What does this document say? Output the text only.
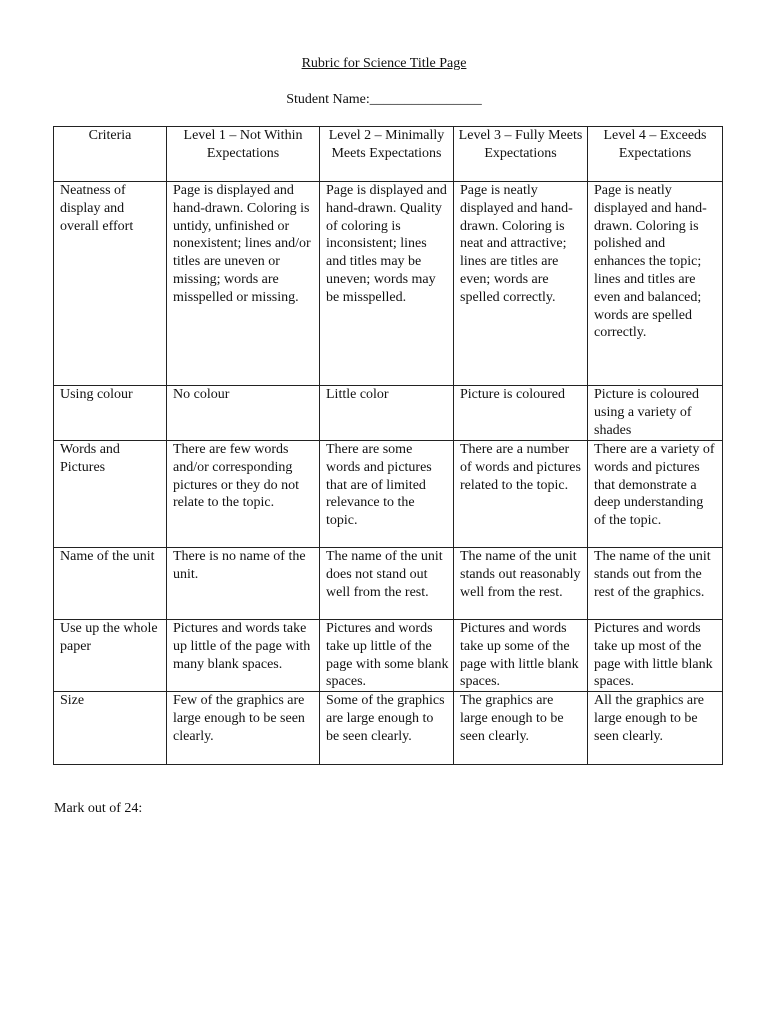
Rubric for Science Title Page
Student Name:________________
Criteria	Level 1 – Not Within Expectations	Level 2 – Minimally Meets Expectations	Level 3 – Fully Meets Expectations	Level 4 – Exceeds Expectations
Neatness of display and overall effort	Page is displayed and hand-drawn. Coloring is untidy, unfinished or nonexistent; lines and/or titles are uneven or missing; words are misspelled or missing.	Page is displayed and hand-drawn. Quality of coloring is inconsistent; lines and titles may be uneven; words may be misspelled.	Page is neatly displayed and hand-drawn. Coloring is neat and attractive; lines are titles are even; words are spelled correctly.	Page is neatly displayed and hand-drawn. Coloring is polished and enhances the topic; lines and titles are even and balanced; words are spelled correctly.
Using colour	No colour	Little color	Picture is coloured	Picture is coloured using a variety of shades
Words and Pictures	There are few words and/or corresponding pictures or they do not relate to the topic.	There are some words and pictures that are of limited relevance to the topic.	There are a number of words and pictures related to the topic.	There are a variety of words and pictures that demonstrate a deep understanding of the topic.
Name of the unit	There is no name of the unit.	The name of the unit does not stand out well from the rest.	The name of the unit stands out reasonably well from the rest.	The name of the unit stands out from the rest of the graphics.
Use up the whole paper	Pictures and words take up little of the page with many blank spaces.	Pictures and words take up little of the page with some blank spaces.	Pictures and words take up some of the page with little blank spaces.	Pictures and words take up most of the page with little blank spaces.
Size	Few of the graphics are large enough to be seen clearly.	Some of the graphics are large enough to be seen clearly.	The graphics are large enough to be seen clearly.	All the graphics are large enough to be seen clearly.
Mark out of 24:
